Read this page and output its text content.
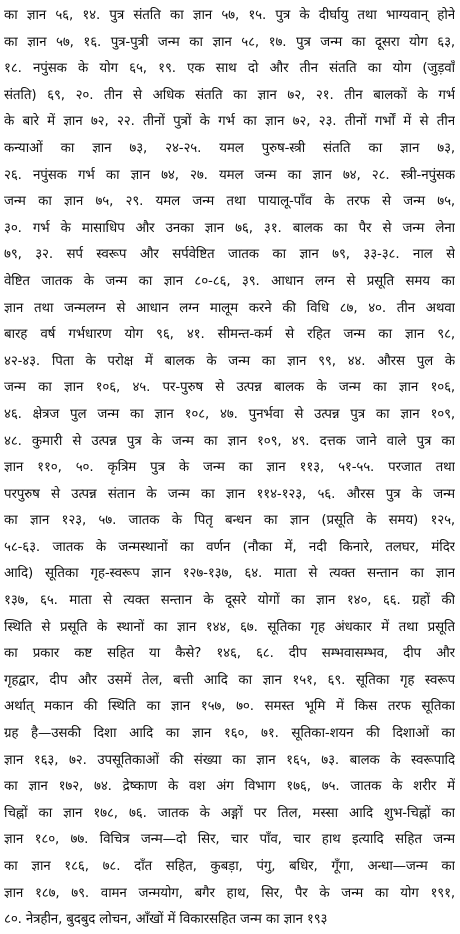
का ज्ञान ५६, १४. पुत्र संतति का ज्ञान ५७, १५. पुत्र के दीर्घायु तथा भाग्यवान् होने
का ज्ञान ५७, १६. पुत्र-पुत्री जन्म का ज्ञान ५८, १७. पुत्र जन्म का दूसरा योग ६३,
१८. नपुंसक के योग ६५, १९. एक साथ दो और तीन संतति का योग (जुड़वाँ
संतति) ६९, २०. तीन से अधिक संतति का ज्ञान ७२, २१. तीन बालकों के गर्भ
के बारे में ज्ञान ७२, २२. तीनों पुत्रों के गर्भ का ज्ञान ७२, २३. तीनों गर्भों में से तीन
कन्याओं का ज्ञान ७३, २४-२५. यमल पुरुष-स्त्री संतति का ज्ञान ७३,
२६. नपुंसक गर्भ का ज्ञान ७४, २७. यमल जन्म का ज्ञान ७४, २८. स्त्री-नपुंसक
जन्म का ज्ञान ७५, २९. यमल जन्म तथा पायालू-पाँव के तरफ से जन्म ७५,
३०. गर्भ के मासाधिप और उनका ज्ञान ७६, ३१. बालक का पैर से जन्म लेना
७९, ३२. सर्प स्वरूप और सर्पवेष्टित जातक का ज्ञान ७९, ३३-३८. नाल से
वेष्टित जातक के जन्म का ज्ञान ८०-८६, ३९. आधान लग्न से प्रसूति समय का
ज्ञान तथा जन्मलग्न से आधान लग्न मालूम करने की विधि ८७, ४०. तीन अथवा
बारह वर्ष गर्भधारण योग ९६, ४१. सीमन्त-कर्म से रहित जन्म का ज्ञान ९८,
४२-४३. पिता के परोक्ष में बालक के जन्म का ज्ञान ९९, ४४. औरस पुल के
जन्म का ज्ञान १०६, ४५. पर-पुरुष से उत्पन्न बालक के जन्म का ज्ञान १०६,
४६. क्षेत्रज पुल जन्म का ज्ञान १०८, ४७. पुनर्भवा से उत्पन्न पुत्र का ज्ञान १०९,
४८. कुमारी से उत्पन्न पुत्र के जन्म का ज्ञान १०९, ४९. दत्तक जाने वाले पुत्र का
ज्ञान ११०, ५०. कृत्रिम पुत्र के जन्म का ज्ञान ११३, ५१-५५. परजात तथा
परपुरुष से उत्पन्न संतान के जन्म का ज्ञान ११४-१२३, ५६. औरस पुत्र के जन्म
का ज्ञान १२३, ५७. जातक के पितृ बन्धन का ज्ञान (प्रसूति के समय) १२५,
५८-६३. जातक के जन्मस्थानों का वर्णन (नौका में, नदी किनारे, तलघर, मंदिर
आदि) सूतिका गृह-स्वरूप ज्ञान १२७-१३७, ६४. माता से त्यक्त सन्तान का ज्ञान
१३७, ६५. माता से त्यक्त सन्तान के दूसरे योगों का ज्ञान १४०, ६६. ग्रहों की
स्थिति से प्रसूति के स्थानों का ज्ञान १४४, ६७. सूतिका गृह अंधकार में तथा प्रसूति
का प्रकार कष्ट सहित या कैसे? १४६, ६८. दीप सम्भवासम्भव, दीप और
गृहद्वार, दीप और उसमें तेल, बत्ती आदि का ज्ञान १५१, ६९. सूतिका गृह स्वरूप
अर्थात् मकान की स्थिति का ज्ञान १५७, ७०. समस्त भूमि में किस तरफ सूतिका
ग्रह है—उसकी दिशा आदि का ज्ञान १६०, ७१. सूतिका-शयन की दिशाओं का
ज्ञान १६३, ७२. उपसूतिकाओं की संख्या का ज्ञान १६५, ७३. बालक के स्वरूपादि
का ज्ञान १७२, ७४. द्रेष्काण के वश अंग विभाग १७६, ७५. जातक के शरीर में
चिह्नों का ज्ञान १७८, ७६. जातक के अङ्गों पर तिल, मस्सा आदि शुभ-चिह्नों का
ज्ञान १८०, ७७. विचित्र जन्म—दो सिर, चार पाँव, चार हाथ इत्यादि सहित जन्म
का ज्ञान १८६, ७८. दाँत सहित, कुबड़ा, पंगु, बधिर, गूँगा, अन्धा—जन्म का
ज्ञान १८७, ७९. वामन जन्मयोग, बगैर हाथ, सिर, पैर के जन्म का योग १९१,
८०. नेत्रहीन, बुदबुद लोचन, आँखों में विकारसहित जन्म का ज्ञान १९३
